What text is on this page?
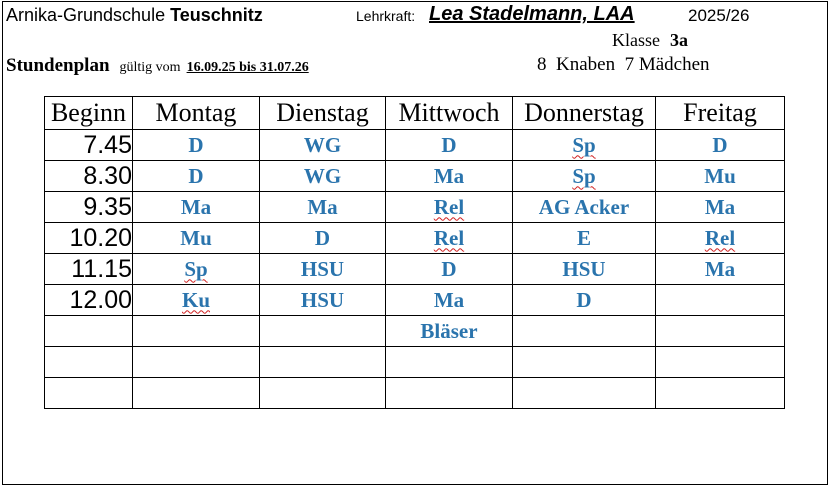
Arnika-Grundschule Teuschnitz	Lehrkraft: Lea Stadelmann, LAA	2025/26
Klasse 3a
Stundenplan gültig vom 16.09.25 bis 31.07.26	8  Knaben  7 Mädchen
Beginn	Montag	Dienstag	Mittwoch	Donnerstag	Freitag
7.45	D	WG	D	Sp	D
8.30	D	WG	Ma	Sp	Mu
9.35	Ma	Ma	Rel	AG Acker	Ma
10.20	Mu	D	Rel	E	Rel
11.15	Sp	HSU	D	HSU	Ma
12.00	Ku	HSU	Ma	D	
			Bläser		
